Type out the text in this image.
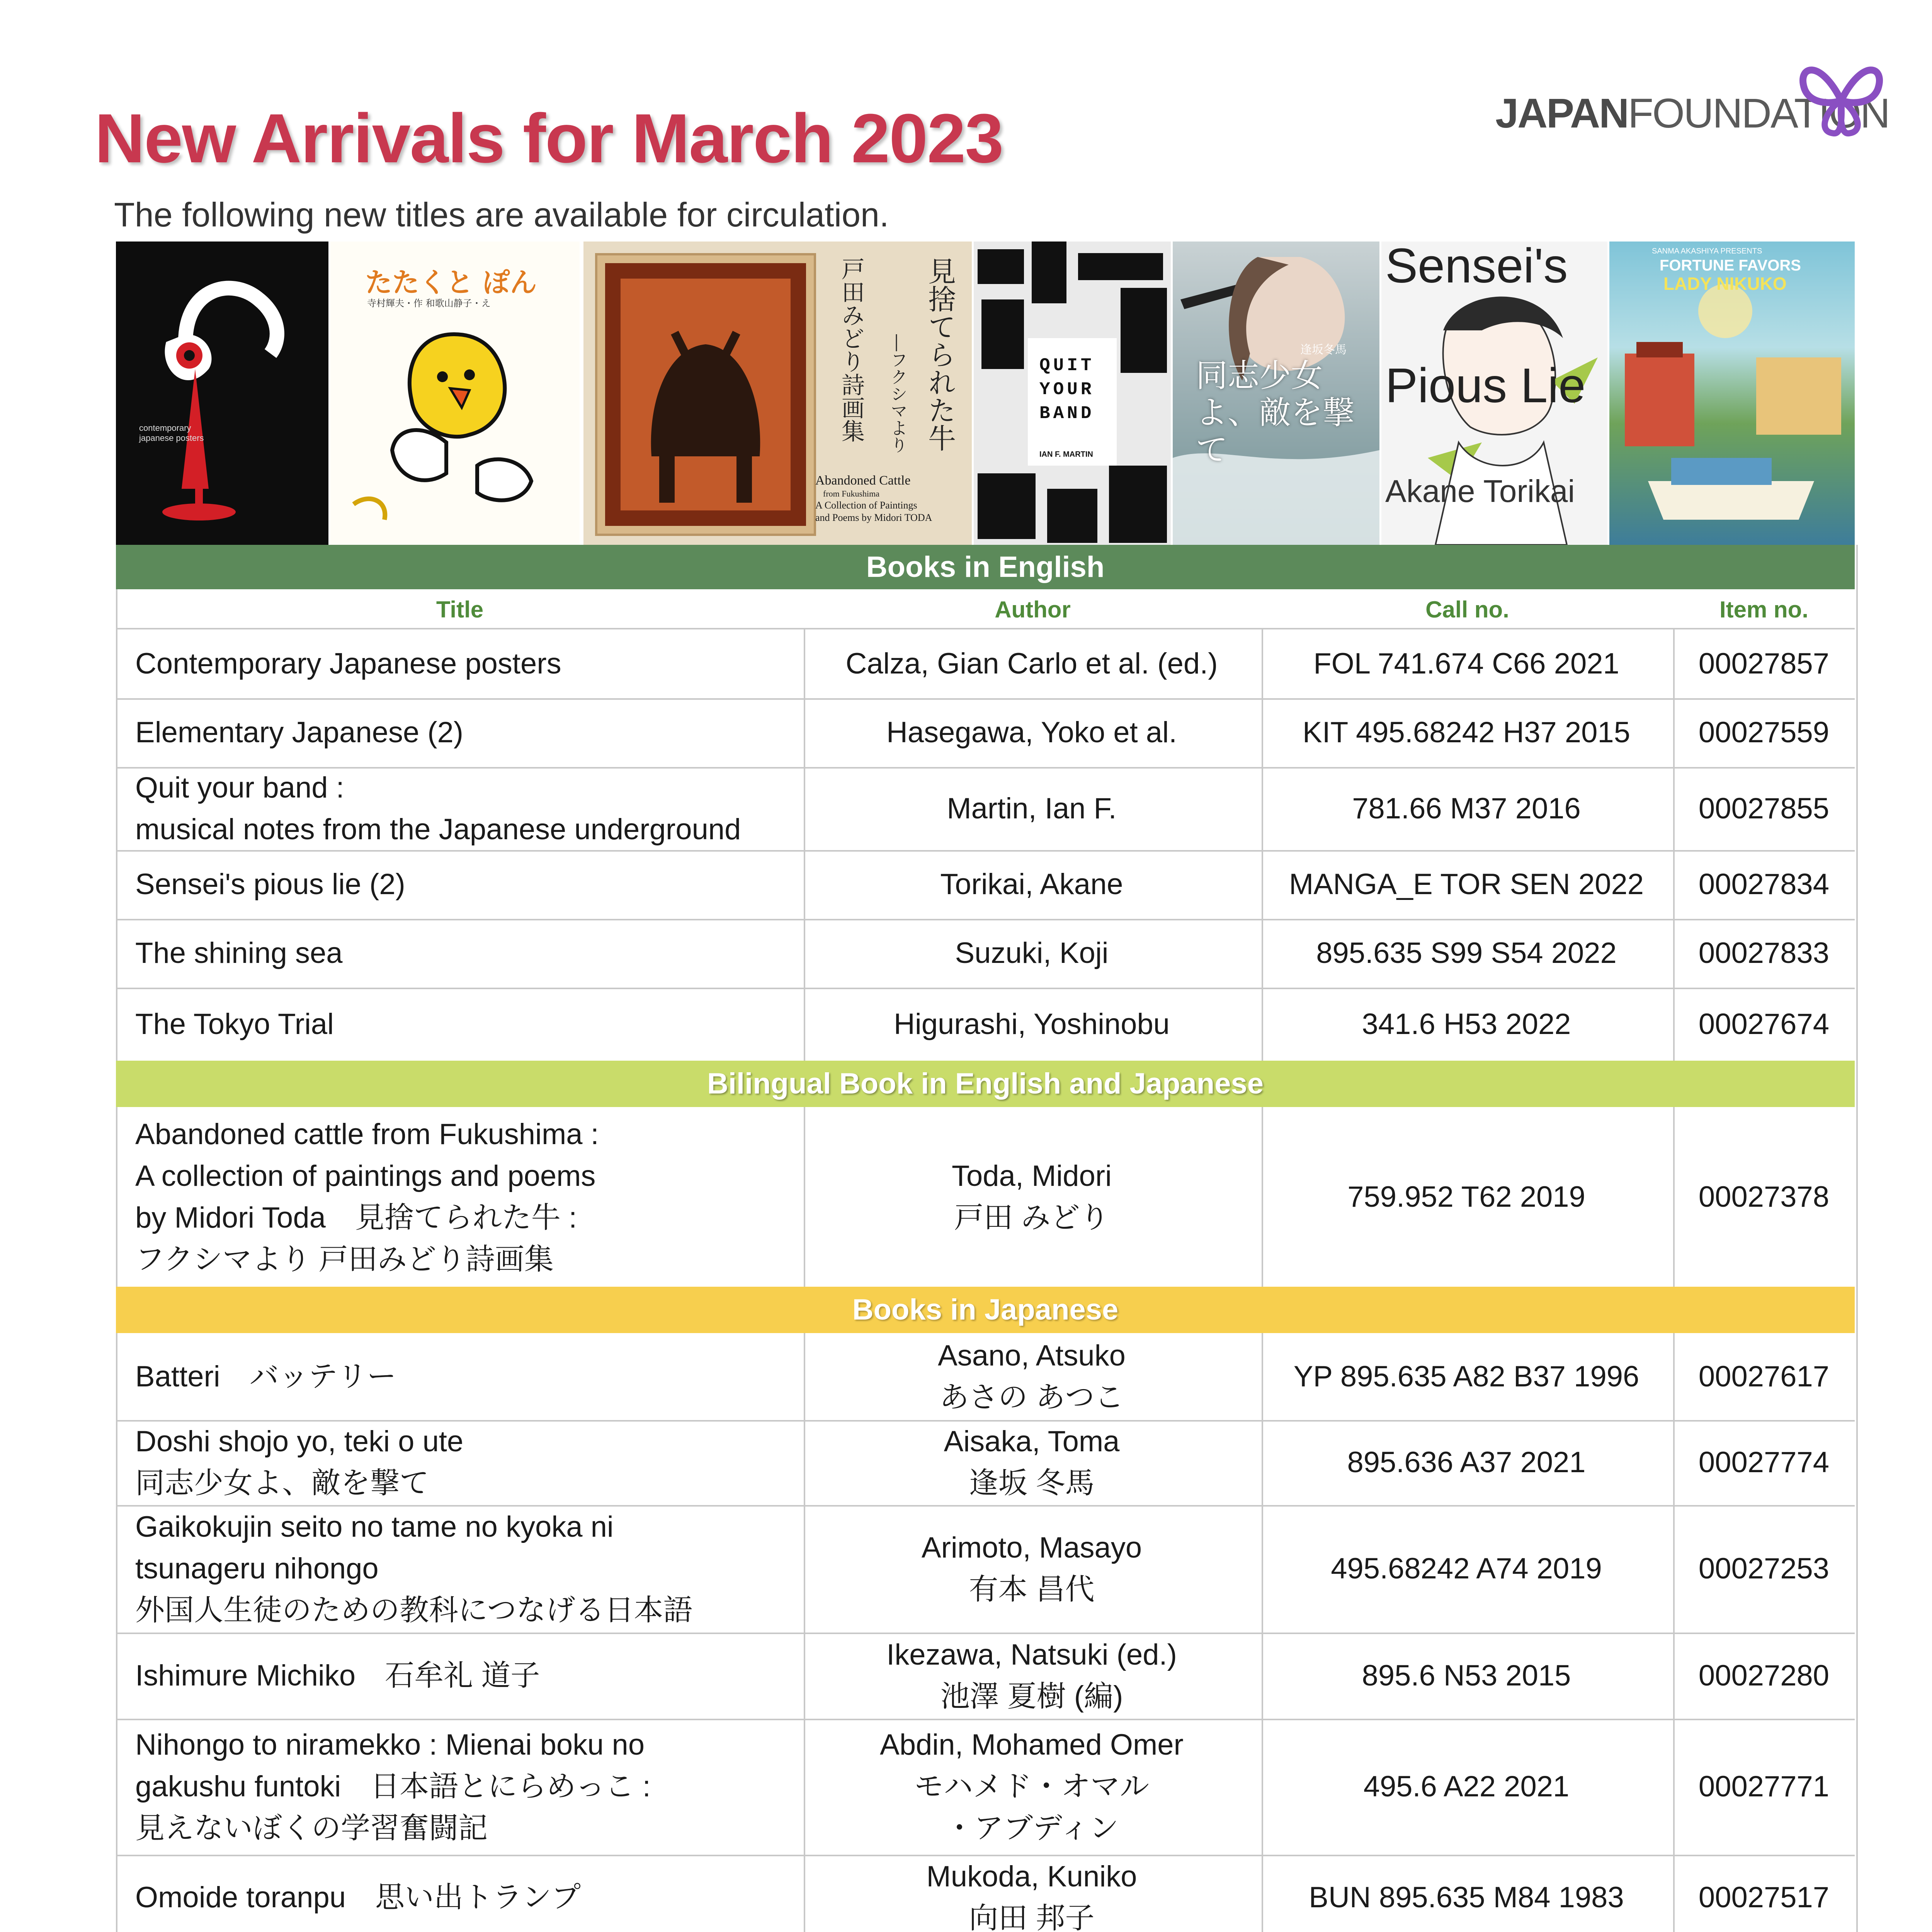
New Arrivals for March 2023
The following new titles are available for circulation.
JAPANFOUNDATION
contemporary japanese posters
たたくと ぽん
寺村輝夫・作 和歌山静子・え	見捨てられた牛
―フクシマより
戸田みどり詩画集
Abandoned Cattle
from Fukushima
A Collection of Paintings
and Poems by Midori TODA
QUIT YOUR BAND
IAN F. MARTIN
逢坂冬馬
同志少女よ、敵を撃て
Sensei's
Pious Lie
Akane Torikai
SANMA AKASHIYA PRESENTS
FORTUNE FAVORS
LADY NIKUKO
Books in English
Title	Author	Call no.	Item no.
Contemporary Japanese posters	Calza, Gian Carlo et al. (ed.)	FOL 741.674 C66 2021	00027857
Elementary Japanese (2)	Hasegawa, Yoko et al.	KIT 495.68242 H37 2015 00027559
Quit your band :
musical notes from the Japanese underground
Martin, Ian F.	781.66 M37 2016	00027855
Sensei's pious lie (2)	Torikai, Akane	MANGA_E TOR SEN 2022 00027834
The shining sea	Suzuki, Koji	895.635 S99 S54 2022	00027833
The Tokyo Trial	Higurashi, Yoshinobu	341.6 H53 2022	00027674
Bilingual Book in English and Japanese
Abandoned cattle from Fukushima :
A collection of paintings and poems
by Midori Toda　見捨てられた牛 :
フクシマより 戸田みどり詩画集
Toda, Midori
戸田 みどり
759.952 T62 2019	00027378
Books in Japanese
Batteri　バッテリー
Asano, Atsuko
あさの あつこ
YP 895.635 A82 B37 1996 00027617
Doshi shojo yo, teki o ute
同志少女よ、敵を撃て
Aisaka, Toma
逢坂 冬馬
895.636 A37 2021	00027774
Gaikokujin seito no tame no kyoka ni
tsunageru nihongo
外国人生徒のための教科につなげる日本語
Arimoto, Masayo
有本 昌代
495.68242 A74 2019	00027253
Ishimure Michiko　石牟礼 道子
Ikezawa, Natsuki (ed.)
池澤 夏樹 (編)
895.6 N53 2015	00027280
Nihongo to niramekko : Mienai boku no
gakushu funtoki　日本語とにらめっこ :
見えないぼくの学習奮闘記
Abdin, Mohamed Omer
モハメド・オマル
・アブディン
495.6 A22 2021	00027771
Omoide toranpu　思い出トランプ
Mukoda, Kuniko
向田 邦子
BUN 895.635 M84 1983	00027517
